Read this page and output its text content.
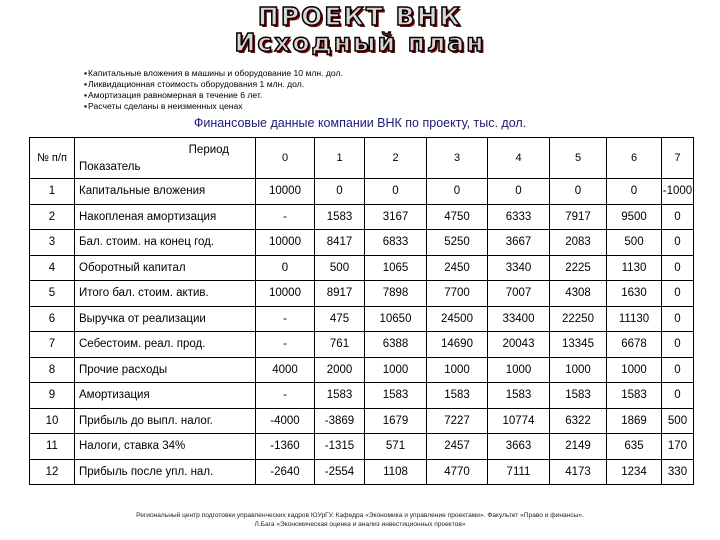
ПРОЕКТ ВНК
Исходный план
▪ Капитальные вложения в машины и оборудование 10 млн. дол.
▪ Ликвидационная стоимость оборудования 1 млн. дол.
▪ Амортизация равномерная в течение 6 лет.
▪ Расчеты сделаны в неизменных ценах
Финансовые данные компании ВНК по проекту, тыс. дол.
№ п/п	Период
Показатель	0	1	2	3	4	5	6	7
1	Капитальные вложения	10000	0	0	0	0	0	0	-1000
2	Накопленая амортизация	-	1583	3167	4750	6333	7917	9500	0
3	Бал. стоим. на конец год.	10000	8417	6833	5250	3667	2083	500	0
4	Оборотный капитал	0	500	1065	2450	3340	2225	1130	0
5	Итого бал. стоим. актив.	10000	8917	7898	7700	7007	4308	1630	0
6	Выручка от реализации	-	475	10650	24500	33400	22250	11130	0
7	Себестоим. реал. прод.	-	761	6388	14690	20043	13345	6678	0
8	Прочие расходы	4000	2000	1000	1000	1000	1000	1000	0
9	Амортизация	-	1583	1583	1583	1583	1583	1583	0
10	Прибыль до выпл. налог.	-4000	-3869	1679	7227	10774	6322	1869	500
11	Налоги, ставка 34%	-1360	-1315	571	2457	3663	2149	635	170
12	Прибыль после упл. нал.	-2640	-2554	1108	4770	7111	4173	1234	330
Региональный центр подготовки управленческих кадров ЮУрГУ. Кафедра «Экономика и управление проектами». Факультет «Право и финансы».
Л.Бага «Экономическая оценка и анализ инвестиционных проектов»
